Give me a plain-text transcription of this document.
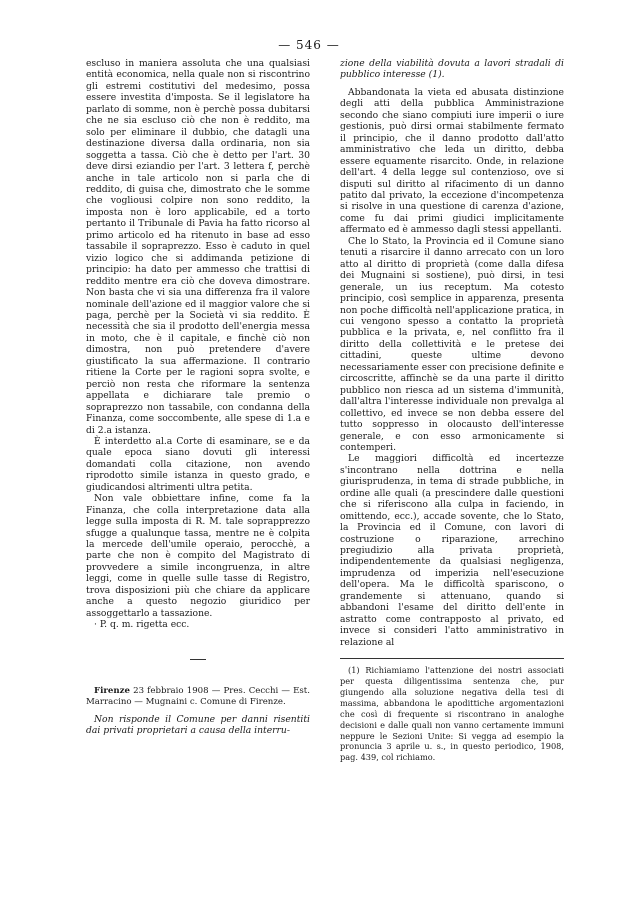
— 546 —

escluso in maniera assoluta che una qualsiasi entità economica, nella quale non si riscontrino gli estremi costitutivi del medesimo, possa essere investita d'imposta. Se il legislatore ha parlato di somme, non è perchè possa dubitarsi che ne sia escluso ciò che non è reddito, ma solo per eliminare il dubbio, che datagli una destinazione diversa dalla ordinaria, non sia soggetta a tassa. Ciò che è detto per l'art. 30 deve dirsi eziandio per l'art. 3 lettera f, perchè anche in tale articolo non si parla che di reddito, di guisa che, dimostrato che le somme che vogliousi colpire non sono reddito, la imposta non è loro applicabile, ed a torto pertanto il Tribunale di Pavia ha fatto ricorso al primo articolo ed ha ritenuto in base ad esso tassabile il sopraprezzo. Esso è caduto in quel vizio logico che si addimanda petizione di principio: ha dato per ammesso che trattisi di reddito mentre era ciò che doveva dimostrare. Non basta che vi sia una differenza fra il valore nominale dell'azione ed il maggior valore che si paga, perchè per la Società vi sia reddito. È necessità che sia il prodotto dell'energia messa in moto, che è il capitale, e finchè ciò non dimostra, non può pretendere d'avere giustificato la sua affermazione. Il contrario ritiene la Corte per le ragioni sopra svolte, e perciò non resta che riformare la sentenza appellata e dichiarare tale premio o sopraprezzo non tassabile, con condanna della Finanza, come soccombente, alle spese di 1.a e di 2.a istanza.

È interdetto al.a Corte di esaminare, se e da quale epoca siano dovuti gli interessi domandati colla citazione, non avendo riprodotto simile istanza in questo grado, e giudicandosi altrimenti ultra petita.

Non vale obbiettare infine, come fa la Finanza, che colla interpretazione data alla legge sulla imposta di R. M. tale soprapprezzo sfugge a qualunque tassa, mentre ne è colpita la mercede dell'umile operaio, perocchè, a parte che non è compito del Magistrato di provvedere a simile incongruenza, in altre leggi, come in quelle sulle tasse di Registro, trova disposizioni più che chiare da applicare anche a questo negozio giuridico per assoggettarlo a tassazione.

· P. q. m. rigetta ecc.

Firenze 23 febbraio 1908 — Pres. Cecchi — Est. Marracino — Mugnaini c. Comune di Firenze.

Non risponde il Comune per danni risentiti dai privati proprietari a causa della interru-

zione della viabilità dovuta a lavori stradali di pubblico interesse (1).

Abbandonata la vieta ed abusata distinzione degli atti della pubblica Amministrazione secondo che siano compiuti iure imperii o iure gestionis, può dirsi ormai stabilmente fermato il principio, che il danno prodotto dall'atto amministrativo che leda un diritto, debba essere equamente risarcito. Onde, in relazione dell'art. 4 della legge sul contenzioso, ove si disputi sul diritto al rifacimento di un danno patito dal privato, la eccezione d'incompetenza si risolve in una questione di carenza d'azione, come fu dai primi giudici implicitamente affermato ed è ammesso dagli stessi appellanti.

Che lo Stato, la Provincia ed il Comune siano tenuti a risarcire il danno arrecato con un loro atto al diritto di proprietà (come dalla difesa dei Mugnaini si sostiene), può dirsi, in tesi generale, un ius receptum. Ma cotesto principio, così semplice in apparenza, presenta non poche difficoltà nell'applicazione pratica, in cui vengono spesso a contatto la proprietà pubblica e la privata, e, nel conflitto fra il diritto della collettività e le pretese dei cittadini, queste ultime devono necessariamente esser con precisione definite e circoscritte, affinchè se da una parte il diritto pubblico non riesca ad un sistema d'immunità, dall'altra l'interesse individuale non prevalga al collettivo, ed invece se non debba essere del tutto soppresso in olocausto dell'interesse generale, e con esso armonicamente si contemperi.

Le maggiori difficoltà ed incertezze s'incontrano nella dottrina e nella giurisprudenza, in tema di strade pubbliche, in ordine alle quali (a prescindere dalle questioni che si riferiscono alla culpa in faciendo, in omittendo, ecc.), accade sovente, che lo Stato, la Provincia ed il Comune, con lavori di costruzione o riparazione, arrechino pregiudizio alla privata proprietà, indipendentemente da qualsiasi negligenza, imprudenza od imperizia nell'esecuzione dell'opera. Ma le difficoltà spariscono, o grandemente si attenuano, quando si abbandoni l'esame del diritto dell'ente in astratto come contrapposto al privato, ed invece si consideri l'atto amministrativo in relazione al

(1) Richiamiamo l'attenzione dei nostri associati per questa diligentissima sentenza che, pur giungendo alla soluzione negativa della tesi di massima, abbandona le apodittiche argomentazioni che così di frequente si riscontrano in analoghe decisioni e dalle quali non vanno certamente immuni neppure le Sezioni Unite: Si vegga ad esempio la pronuncia 3 aprile u. s., in questo periodico, 1908, pag. 439, col richiamo.
